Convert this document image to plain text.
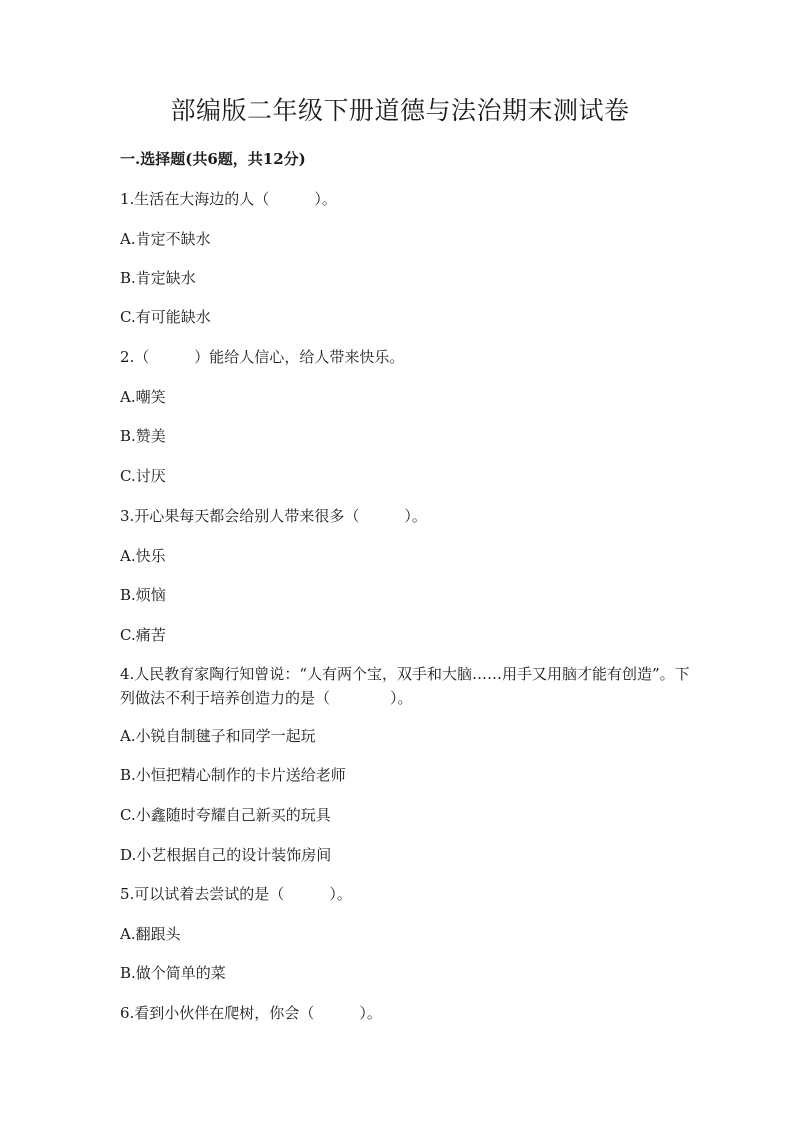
部编版二年级下册道德与法治期末测试卷
一.选择题(共6题，共12分)
1.生活在大海边的人（　　　）。
A.肯定不缺水
B.肯定缺水
C.有可能缺水
2.（　　　）能给人信心，给人带来快乐。
A.嘲笑
B.赞美
C.讨厌
3.开心果每天都会给别人带来很多（　　　）。
A.快乐
B.烦恼
C.痛苦
4.人民教育家陶行知曾说：“人有两个宝，双手和大脑……用手又用脑才能有创造”。下列做法不利于培养创造力的是（　　　　）。
A.小锐自制毽子和同学一起玩
B.小恒把精心制作的卡片送给老师
C.小鑫随时夸耀自己新买的玩具
D.小艺根据自己的设计装饰房间
5.可以试着去尝试的是（　　　）。
A.翻跟头
B.做个简单的菜
6.看到小伙伴在爬树，你会（　　　）。
